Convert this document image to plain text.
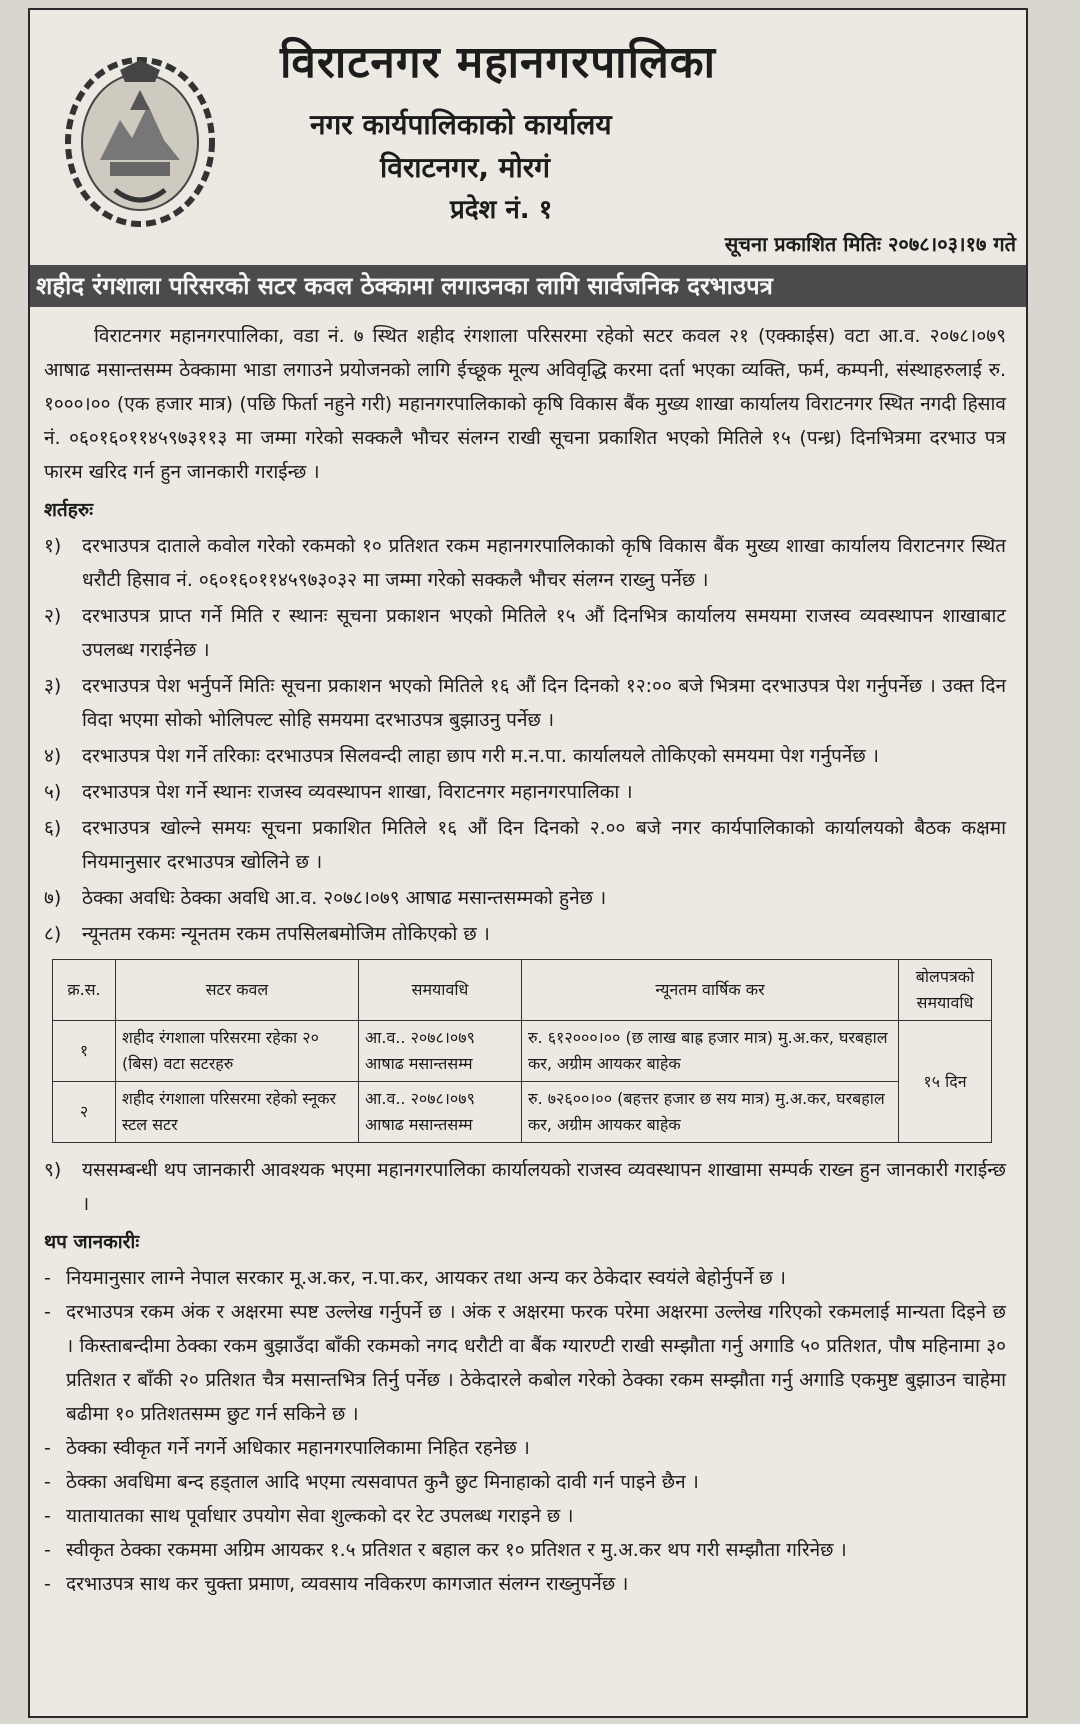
विराटनगर महानगरपालिका
नगर कार्यपालिकाको कार्यालय
विराटनगर, मोरगं
प्रदेश नं. १
सूचना प्रकाशित मितिः २०७८।०३।१७ गते
शहीद रंगशाला परिसरको सटर कवल ठेक्कामा लगाउनका लागि सार्वजनिक दरभाउपत्र

विराटनगर महानगरपालिका, वडा नं. ७ स्थित शहीद रंगशाला परिसरमा रहेको सटर कवल २१ (एक्काईस) वटा आ.व. २०७८।०७९ आषाढ मसान्तसम्म ठेक्कामा भाडा लगाउने प्रयोजनको लागि ईच्छूक मूल्य अविवृद्धि करमा दर्ता भएका व्यक्ति, फर्म, कम्पनी, संस्थाहरुलाई रु. १०००।०० (एक हजार मात्र) (पछि फिर्ता नहुने गरी) महानगरपालिकाको कृषि विकास बैंक मुख्य शाखा कार्यालय विराटनगर स्थित नगदी हिसाव नं. ०६०१६०११४५९७३११३ मा जम्मा गरेको सक्कलै भौचर संलग्न राखी सूचना प्रकाशित भएको मितिले १५ (पन्ध्र) दिनभित्रमा दरभाउ पत्र फारम खरिद गर्न हुन जानकारी गराईन्छ ।

शर्तहरुः
१)	दरभाउपत्र दाताले कवोल गरेको रकमको १० प्रतिशत रकम महानगरपालिकाको कृषि विकास बैंक मुख्य शाखा कार्यालय विराटनगर स्थित धरौटी हिसाव नं. ०६०१६०११४५९७३०३२ मा जम्मा गरेको सक्कलै भौचर संलग्न राख्नु पर्नेछ ।
२)	दरभाउपत्र प्राप्त गर्ने मिति र स्थानः सूचना प्रकाशन भएको मितिले १५ औं दिनभित्र कार्यालय समयमा राजस्व व्यवस्थापन शाखाबाट उपलब्ध गराईनेछ ।
३)	दरभाउपत्र पेश भर्नुपर्ने मितिः सूचना प्रकाशन भएको मितिले १६ औं दिन दिनको १२:०० बजे भित्रमा दरभाउपत्र पेश गर्नुपर्नेछ । उक्त दिन विदा भएमा सोको भोलिपल्ट सोहि समयमा दरभाउपत्र बुझाउनु पर्नेछ ।
४)	दरभाउपत्र पेश गर्ने तरिकाः दरभाउपत्र सिलवन्दी लाहा छाप गरी म.न.पा. कार्यालयले तोकिएको समयमा पेश गर्नुपर्नेछ ।
५)	दरभाउपत्र पेश गर्ने स्थानः राजस्व व्यवस्थापन शाखा, विराटनगर महानगरपालिका ।
६)	दरभाउपत्र खोल्ने समयः सूचना प्रकाशित मितिले १६ औं दिन दिनको २.०० बजे नगर कार्यपालिकाको कार्यालयको बैठक कक्षमा नियमानुसार दरभाउपत्र खोलिने छ ।
७)	ठेक्का अवधिः ठेक्का अवधि आ.व. २०७८।०७९ आषाढ मसान्तसम्मको हुनेछ ।
८)	न्यूनतम रकमः न्यूनतम रकम तपसिलबमोजिम तोकिएको छ ।
क्र.स.	सटर कवल	समयावधि	न्यूनतम वार्षिक कर	बोलपत्रको समयावधि
१	शहीद रंगशाला परिसरमा रहेका २० (बिस) वटा सटरहरु	आ.व.. २०७८।०७९ आषाढ मसान्तसम्म	रु. ६१२०००।०० (छ लाख बाह्र हजार मात्र) मु.अ.कर, घरबहाल कर, अग्रीम आयकर बाहेक	१५ दिन
२	शहीद रंगशाला परिसरमा रहेको स्नूकर स्टल सटर	आ.व.. २०७८।०७९ आषाढ मसान्तसम्म	रु. ७२६००।०० (बहत्तर हजार छ सय मात्र) मु.अ.कर, घरबहाल कर, अग्रीम आयकर बाहेक	
९)	यससम्बन्धी थप जानकारी आवश्यक भएमा महानगरपालिका कार्यालयको राजस्व व्यवस्थापन शाखामा सम्पर्क राख्न हुन जानकारी गराईन्छ ।
थप जानकारीः
- नियमानुसार लाग्ने नेपाल सरकार मू.अ.कर, न.पा.कर, आयकर तथा अन्य कर ठेकेदार स्वयंले बेहोर्नुपर्ने छ ।
- दरभाउपत्र रकम अंक र अक्षरमा स्पष्ट उल्लेख गर्नुपर्ने छ । अंक र अक्षरमा फरक परेमा अक्षरमा उल्लेख गरिएको रकमलाई मान्यता दिइने छ । किस्ताबन्दीमा ठेक्का रकम बुझाउँदा बाँकी रकमको नगद धरौटी वा बैंक ग्यारण्टी राखी सम्झौता गर्नु अगाडि ५० प्रतिशत, पौष महिनामा ३० प्रतिशत र बाँकी २० प्रतिशत चैत्र मसान्तभित्र तिर्नु पर्नेछ । ठेकेदारले कबोल गरेको ठेक्का रकम सम्झौता गर्नु अगाडि एकमुष्ट बुझाउन चाहेमा बढीमा १० प्रतिशतसम्म छुट गर्न सकिने छ ।
- ठेक्का स्वीकृत गर्ने नगर्ने अधिकार महानगरपालिकामा निहित रहनेछ ।
- ठेक्का अवधिमा बन्द हड्ताल आदि भएमा त्यसवापत कुनै छुट मिनाहाको दावी गर्न पाइने छैन ।
- यातायातका साथ पूर्वाधार उपयोग सेवा शुल्कको दर रेट उपलब्ध गराइने छ ।
- स्वीकृत ठेक्का रकममा अग्रिम आयकर १.५ प्रतिशत र बहाल कर १० प्रतिशत र मु.अ.कर थप गरी सम्झौता गरिनेछ ।
- दरभाउपत्र साथ कर चुक्ता प्रमाण, व्यवसाय नविकरण कागजात संलग्न राख्नुपर्नेछ ।
